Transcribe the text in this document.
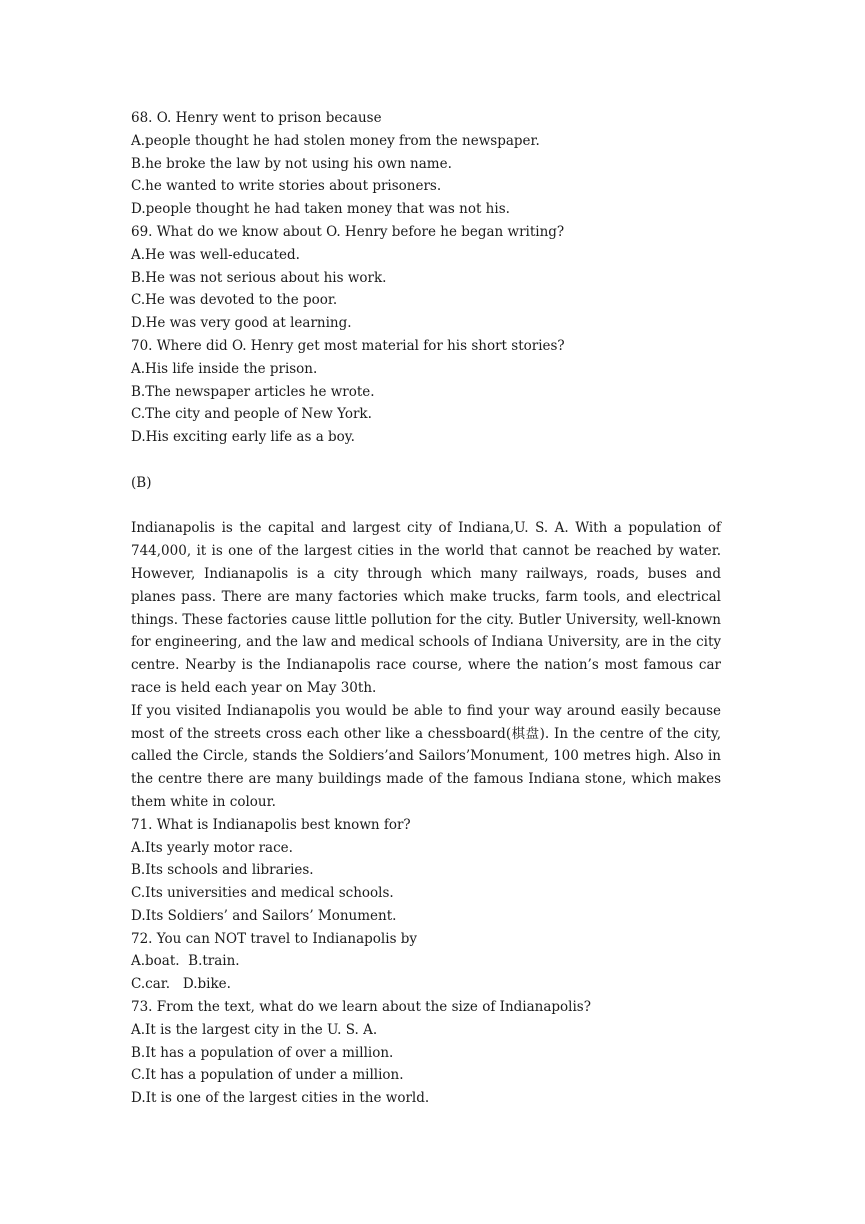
68. O. Henry went to prison because
A.people thought he had stolen money from the newspaper.
B.he broke the law by not using his own name.
C.he wanted to write stories about prisoners.
D.people thought he had taken money that was not his.
69. What do we know about O. Henry before he began writing?
A.He was well-educated.
B.He was not serious about his work.
C.He was devoted to the poor.
D.He was very good at learning.
70. Where did O. Henry get most material for his short stories?
A.His life inside the prison.
B.The newspaper articles he wrote.
C.The city and people of New York.
D.His exciting early life as a boy.
(B)

Indianapolis is the capital and largest city of Indiana,U. S. A. With a population of 744,000, it is one of the largest cities in the world that cannot be reached by water. However, Indianapolis is a city through which many railways, roads, buses and planes pass. There are many factories which make trucks, farm tools, and electrical things. These factories cause little pollution for the city. Butler University, well-known for engineering, and the law and medical schools of Indiana University, are in the city centre. Nearby is the Indianapolis race course, where the nation’s most famous car race is held each year on May 30th.

If you visited Indianapolis you would be able to find your way around easily because most of the streets cross each other like a chessboard(棋盘). In the centre of the city, called the Circle, stands the Soldiers’and Sailors’Monument, 100 metres high. Also in the centre there are many buildings made of the famous Indiana stone, which makes them white in colour.

71. What is Indianapolis best known for?
A.Its yearly motor race.
B.Its schools and libraries.
C.Its universities and medical schools.
D.Its Soldiers’ and Sailors’ Monument.
72. You can NOT travel to Indianapolis by
A.boat.  B.train.
C.car.   D.bike.
73. From the text, what do we learn about the size of Indianapolis?
A.It is the largest city in the U. S. A.
B.It has a population of over a million.
C.It has a population of under a million.
D.It is one of the largest cities in the world.
